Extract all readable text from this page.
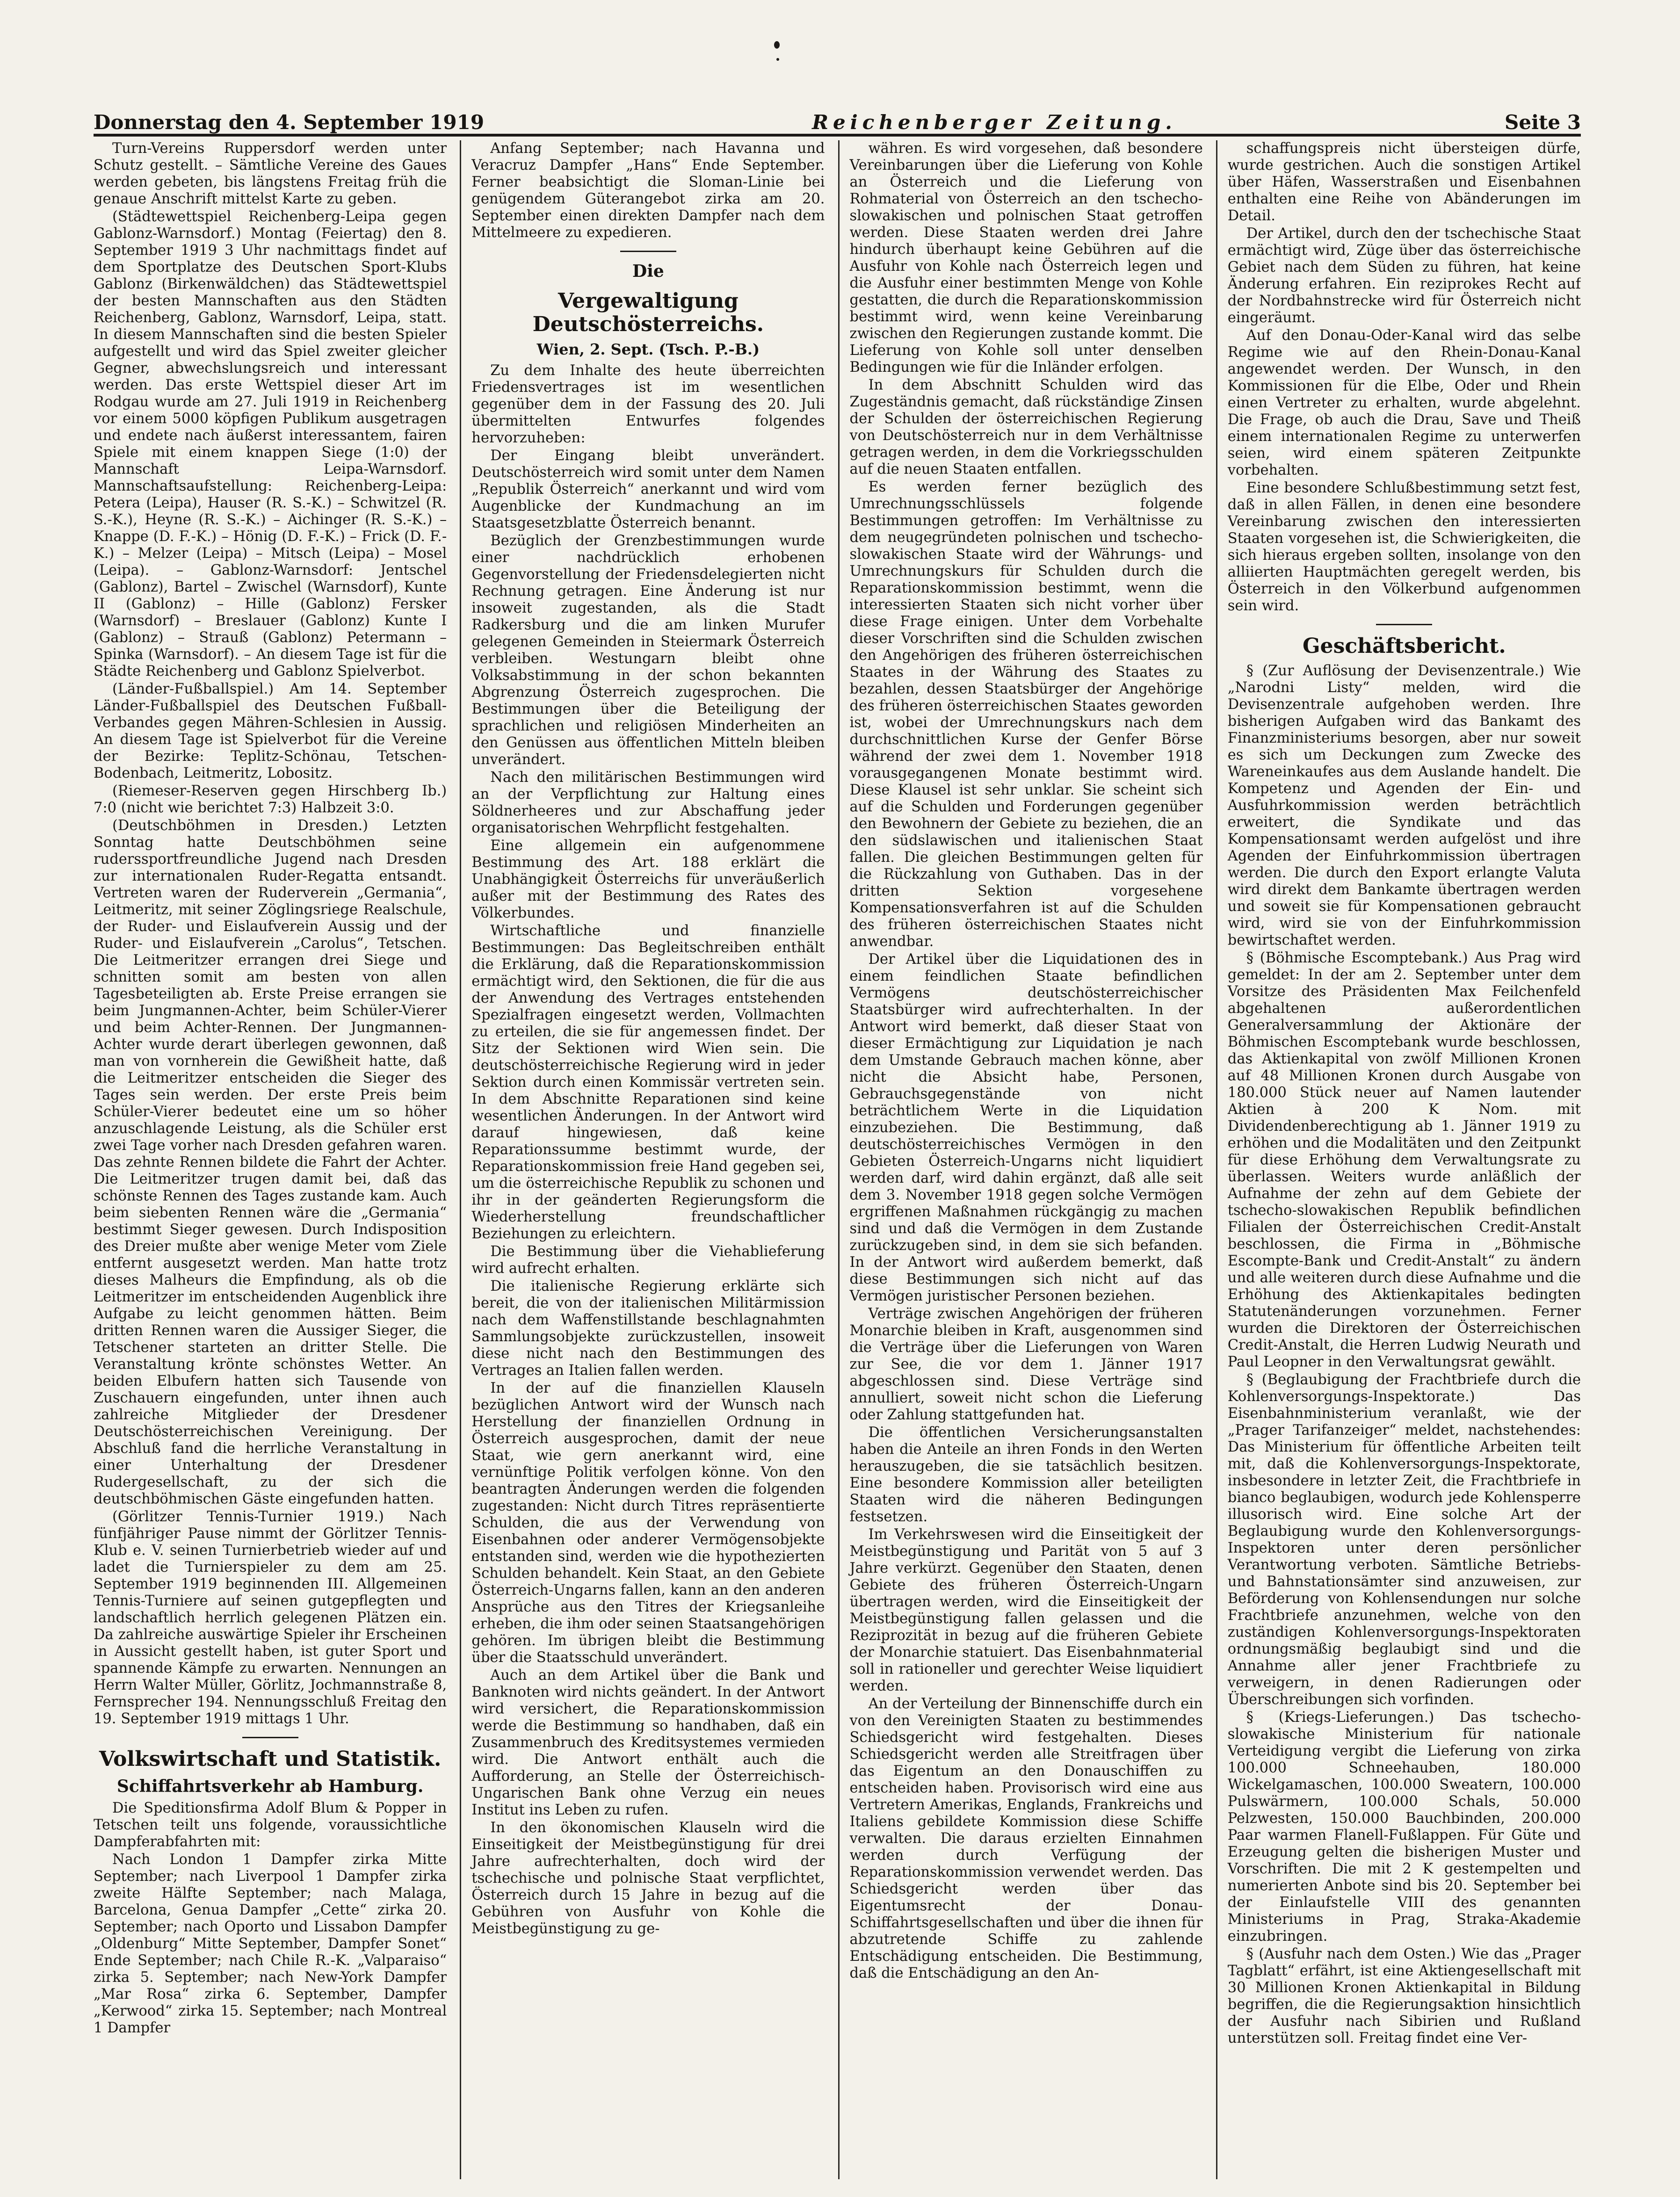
Donnerstag den 4. September 1919	Reichenberger Zeitung.	Seite 3

Turn-Vereins Ruppersdorf werden unter Schutz gestellt. – Sämtliche Vereine des Gaues werden gebeten, bis längstens Freitag früh die genaue Anschrift mittelst Karte zu geben.

(Städtewettspiel Reichenberg-Leipa gegen Gablonz-Warnsdorf.) Montag (Feiertag) den 8. September 1919 3 Uhr nachmittags findet auf dem Sportplatze des Deutschen Sport-Klubs Gablonz (Birkenwäldchen) das Städtewettspiel der besten Mannschaften aus den Städten Reichenberg, Gablonz, Warnsdorf, Leipa, statt. In diesem Mannschaften sind die besten Spieler aufgestellt und wird das Spiel zweiter gleicher Gegner, abwechslungsreich und interessant werden. Das erste Wettspiel dieser Art im Rodgau wurde am 27. Juli 1919 in Reichenberg vor einem 5000 köpfigen Publikum ausgetragen und endete nach äußerst interessantem, fairen Spiele mit einem knappen Siege (1:0) der Mannschaft Leipa-Warnsdorf. Mannschaftsaufstellung: Reichenberg-Leipa: Petera (Leipa), Hauser (R. S.-K.) – Schwitzel (R. S.-K.), Heyne (R. S.-K.) – Aichinger (R. S.-K.) – Knappe (D. F.-K.) – Hönig (D. F.-K.) – Frick (D. F.-K.) – Melzer (Leipa) – Mitsch (Leipa) – Mosel (Leipa). – Gablonz-Warnsdorf: Jentschel (Gablonz), Bartel – Zwischel (Warnsdorf), Kunte II (Gablonz) – Hille (Gablonz) Fersker (Warnsdorf) – Breslauer (Gablonz) Kunte I (Gablonz) – Strauß (Gablonz) Petermann – Spinka (Warnsdorf). – An diesem Tage ist für die Städte Reichenberg und Gablonz Spielverbot.

(Länder-Fußballspiel.) Am 14. September Länder-Fußballspiel des Deutschen Fußball-Verbandes gegen Mähren-Schlesien in Aussig. An diesem Tage ist Spielverbot für die Vereine der Bezirke: Teplitz-Schönau, Tetschen-Bodenbach, Leitmeritz, Lobositz.

(Riemeser-Reserven gegen Hirschberg Ib.) 7:0 (nicht wie berichtet 7:3) Halbzeit 3:0.

(Deutschböhmen in Dresden.) Letzten Sonntag hatte Deutschböhmen seine ruderssportfreundliche Jugend nach Dresden zur internationalen Ruder-Regatta entsandt. Vertreten waren der Ruderverein „Germania“, Leitmeritz, mit seiner Zöglingsriege Realschule, der Ruder- und Eislaufverein Aussig und der Ruder- und Eislaufverein „Carolus“, Tetschen. Die Leitmeritzer errangen drei Siege und schnitten somit am besten von allen Tagesbeteiligten ab. Erste Preise errangen sie beim Jungmannen-Achter, beim Schüler-Vierer und beim Achter-Rennen. Der Jungmannen-Achter wurde derart überlegen gewonnen, daß man von vornherein die Gewißheit hatte, daß die Leitmeritzer entscheiden die Sieger des Tages sein werden. Der erste Preis beim Schüler-Vierer bedeutet eine um so höher anzuschlagende Leistung, als die Schüler erst zwei Tage vorher nach Dresden gefahren waren. Das zehnte Rennen bildete die Fahrt der Achter. Die Leitmeritzer trugen damit bei, daß das schönste Rennen des Tages zustande kam. Auch beim siebenten Rennen wäre die „Germania“ bestimmt Sieger gewesen. Durch Indisposition des Dreier mußte aber wenige Meter vom Ziele entfernt ausgesetzt werden. Man hatte trotz dieses Malheurs die Empfindung, als ob die Leitmeritzer im entscheidenden Augenblick ihre Aufgabe zu leicht genommen hätten. Beim dritten Rennen waren die Aussiger Sieger, die Tetschener starteten an dritter Stelle. Die Veranstaltung krönte schönstes Wetter. An beiden Elbufern hatten sich Tausende von Zuschauern eingefunden, unter ihnen auch zahlreiche Mitglieder der Dresdener Deutschösterreichischen Vereinigung. Der Abschluß fand die herrliche Veranstaltung in einer Unterhaltung der Dresdener Rudergesellschaft, zu der sich die deutschböhmischen Gäste eingefunden hatten.

(Görlitzer Tennis-Turnier 1919.) Nach fünfjähriger Pause nimmt der Görlitzer Tennis-Klub e. V. seinen Turnierbetrieb wieder auf und ladet die Turnierspieler zu dem am 25. September 1919 beginnenden III. Allgemeinen Tennis-Turniere auf seinen gutgepflegten und landschaftlich herrlich gelegenen Plätzen ein. Da zahlreiche auswärtige Spieler ihr Erscheinen in Aussicht gestellt haben, ist guter Sport und spannende Kämpfe zu erwarten. Nennungen an Herrn Walter Müller, Görlitz, Jochmannstraße 8, Fernsprecher 194. Nennungsschluß Freitag den 19. September 1919 mittags 1 Uhr.

Volkswirtschaft und Statistik.
Schiffahrtsverkehr ab Hamburg.

Die Speditionsfirma Adolf Blum & Popper in Tetschen teilt uns folgende, voraussichtliche Dampferabfahrten mit:

Nach London 1 Dampfer zirka Mitte September; nach Liverpool 1 Dampfer zirka zweite Hälfte September; nach Malaga, Barcelona, Genua Dampfer „Cette“ zirka 20. September; nach Oporto und Lissabon Dampfer „Oldenburg“ Mitte September, Dampfer Sonet“ Ende September; nach Chile R.-K. „Valparaiso“ zirka 5. September; nach New-York Dampfer „Mar Rosa“ zirka 6. September, Dampfer „Kerwood“ zirka 15. September; nach Montreal 1 Dampfer

Anfang September; nach Havanna und Veracruz Dampfer „Hans“ Ende September. Ferner beabsichtigt die Sloman-Linie bei genügendem Güterangebot zirka am 20. September einen direkten Dampfer nach dem Mittelmeere zu expedieren.

Die
Vergewaltigung Deutschösterreichs.
Wien, 2. Sept. (Tsch. P.-B.)

Zu dem Inhalte des heute überreichten Friedensvertrages ist im wesentlichen gegenüber dem in der Fassung des 20. Juli übermittelten Entwurfes folgendes hervorzuheben:

Der Eingang bleibt unverändert. Deutschösterreich wird somit unter dem Namen „Republik Österreich“ anerkannt und wird vom Augenblicke der Kundmachung an im Staatsgesetzblatte Österreich benannt.

Bezüglich der Grenzbestimmungen wurde einer nachdrücklich erhobenen Gegenvorstellung der Friedensdelegierten nicht Rechnung getragen. Eine Änderung ist nur insoweit zugestanden, als die Stadt Radkersburg und die am linken Murufer gelegenen Gemeinden in Steiermark Österreich verbleiben. Westungarn bleibt ohne Volksabstimmung in der schon bekannten Abgrenzung Österreich zugesprochen. Die Bestimmungen über die Beteiligung der sprachlichen und religiösen Minderheiten an den Genüssen aus öffentlichen Mitteln bleiben unverändert.

Nach den militärischen Bestimmungen wird an der Verpflichtung zur Haltung eines Söldnerheeres und zur Abschaffung jeder organisatorischen Wehrpflicht festgehalten.

Eine allgemein ein aufgenommene Bestimmung des Art. 188 erklärt die Unabhängigkeit Österreichs für unveräußerlich außer mit der Bestimmung des Rates des Völkerbundes.

Wirtschaftliche und finanzielle Bestimmungen: Das Begleitschreiben enthält die Erklärung, daß die Reparationskommission ermächtigt wird, den Sektionen, die für die aus der Anwendung des Vertrages entstehenden Spezialfragen eingesetzt werden, Vollmachten zu erteilen, die sie für angemessen findet. Der Sitz der Sektionen wird Wien sein. Die deutschösterreichische Regierung wird in jeder Sektion durch einen Kommissär vertreten sein. In dem Abschnitte Reparationen sind keine wesentlichen Änderungen. In der Antwort wird darauf hingewiesen, daß keine Reparationssumme bestimmt wurde, der Reparationskommission freie Hand gegeben sei, um die österreichische Republik zu schonen und ihr in der geänderten Regierungsform die Wiederherstellung freundschaftlicher Beziehungen zu erleichtern.

Die Bestimmung über die Viehablieferung wird aufrecht erhalten.

Die italienische Regierung erklärte sich bereit, die von der italienischen Militärmission nach dem Waffenstillstande beschlagnahmten Sammlungsobjekte zurückzustellen, insoweit diese nicht nach den Bestimmungen des Vertrages an Italien fallen werden.

In der auf die finanziellen Klauseln bezüglichen Antwort wird der Wunsch nach Herstellung der finanziellen Ordnung in Österreich ausgesprochen, damit der neue Staat, wie gern anerkannt wird, eine vernünftige Politik verfolgen könne. Von den beantragten Änderungen werden die folgenden zugestanden: Nicht durch Titres repräsentierte Schulden, die aus der Verwendung von Eisenbahnen oder anderer Vermögensobjekte entstanden sind, werden wie die hypothezierten Schulden behandelt. Kein Staat, an den Gebiete Österreich-Ungarns fallen, kann an den anderen Ansprüche aus den Titres der Kriegsanleihe erheben, die ihm oder seinen Staatsangehörigen gehören. Im übrigen bleibt die Bestimmung über die Staatsschuld unverändert.

Auch an dem Artikel über die Bank und Banknoten wird nichts geändert. In der Antwort wird versichert, die Reparationskommission werde die Bestimmung so handhaben, daß ein Zusammenbruch des Kreditsystemes vermieden wird. Die Antwort enthält auch die Aufforderung, an Stelle der Österreichisch-Ungarischen Bank ohne Verzug ein neues Institut ins Leben zu rufen.

In den ökonomischen Klauseln wird die Einseitigkeit der Meistbegünstigung für drei Jahre aufrechterhalten, doch wird der tschechische und polnische Staat verpflichtet, Österreich durch 15 Jahre in bezug auf die Gebühren von Ausfuhr von Kohle die Meistbegünstigung zu ge-

währen. Es wird vorgesehen, daß besondere Vereinbarungen über die Lieferung von Kohle an Österreich und die Lieferung von Rohmaterial von Österreich an den tschecho-slowakischen und polnischen Staat getroffen werden. Diese Staaten werden drei Jahre hindurch überhaupt keine Gebühren auf die Ausfuhr von Kohle nach Österreich legen und die Ausfuhr einer bestimmten Menge von Kohle gestatten, die durch die Reparationskommission bestimmt wird, wenn keine Vereinbarung zwischen den Regierungen zustande kommt. Die Lieferung von Kohle soll unter denselben Bedingungen wie für die Inländer erfolgen.

In dem Abschnitt Schulden wird das Zugeständnis gemacht, daß rückständige Zinsen der Schulden der österreichischen Regierung von Deutschösterreich nur in dem Verhältnisse getragen werden, in dem die Vorkriegsschulden auf die neuen Staaten entfallen.

Es werden ferner bezüglich des Umrechnungsschlüssels folgende Bestimmungen getroffen: Im Verhältnisse zu dem neugegründeten polnischen und tschecho-slowakischen Staate wird der Währungs- und Umrechnungskurs für Schulden durch die Reparationskommission bestimmt, wenn die interessierten Staaten sich nicht vorher über diese Frage einigen. Unter dem Vorbehalte dieser Vorschriften sind die Schulden zwischen den Angehörigen des früheren österreichischen Staates in der Währung des Staates zu bezahlen, dessen Staatsbürger der Angehörige des früheren österreichischen Staates geworden ist, wobei der Umrechnungskurs nach dem durchschnittlichen Kurse der Genfer Börse während der zwei dem 1. November 1918 vorausgegangenen Monate bestimmt wird. Diese Klausel ist sehr unklar. Sie scheint sich auf die Schulden und Forderungen gegenüber den Bewohnern der Gebiete zu beziehen, die an den südslawischen und italienischen Staat fallen. Die gleichen Bestimmungen gelten für die Rückzahlung von Guthaben. Das in der dritten Sektion vorgesehene Kompensationsverfahren ist auf die Schulden des früheren österreichischen Staates nicht anwendbar.

Der Artikel über die Liquidationen des in einem feindlichen Staate befindlichen Vermögens deutschösterreichischer Staatsbürger wird aufrechterhalten. In der Antwort wird bemerkt, daß dieser Staat von dieser Ermächtigung zur Liquidation je nach dem Umstande Gebrauch machen könne, aber nicht die Absicht habe, Personen, Gebrauchsgegenstände von nicht beträchtlichem Werte in die Liquidation einzubeziehen. Die Bestimmung, daß deutschösterreichisches Vermögen in den Gebieten Österreich-Ungarns nicht liquidiert werden darf, wird dahin ergänzt, daß alle seit dem 3. November 1918 gegen solche Vermögen ergriffenen Maßnahmen rückgängig zu machen sind und daß die Vermögen in dem Zustande zurückzugeben sind, in dem sie sich befanden. In der Antwort wird außerdem bemerkt, daß diese Bestimmungen sich nicht auf das Vermögen juristischer Personen beziehen.

Verträge zwischen Angehörigen der früheren Monarchie bleiben in Kraft, ausgenommen sind die Verträge über die Lieferungen von Waren zur See, die vor dem 1. Jänner 1917 abgeschlossen sind. Diese Verträge sind annulliert, soweit nicht schon die Lieferung oder Zahlung stattgefunden hat.

Die öffentlichen Versicherungsanstalten haben die Anteile an ihren Fonds in den Werten herauszugeben, die sie tatsächlich besitzen. Eine besondere Kommission aller beteiligten Staaten wird die näheren Bedingungen festsetzen.

Im Verkehrswesen wird die Einseitigkeit der Meistbegünstigung und Parität von 5 auf 3 Jahre verkürzt. Gegenüber den Staaten, denen Gebiete des früheren Österreich-Ungarn übertragen werden, wird die Einseitigkeit der Meistbegünstigung fallen gelassen und die Reziprozität in bezug auf die früheren Gebiete der Monarchie statuiert. Das Eisenbahnmaterial soll in rationeller und gerechter Weise liquidiert werden.

An der Verteilung der Binnenschiffe durch ein von den Vereinigten Staaten zu bestimmendes Schiedsgericht wird festgehalten. Dieses Schiedsgericht werden alle Streitfragen über das Eigentum an den Donauschiffen zu entscheiden haben. Provisorisch wird eine aus Vertretern Amerikas, Englands, Frankreichs und Italiens gebildete Kommission diese Schiffe verwalten. Die daraus erzielten Einnahmen werden durch Verfügung der Reparationskommission verwendet werden. Das Schiedsgericht werden über das Eigentumsrecht der Donau-Schiffahrtsgesellschaften und über die ihnen für abzutretende Schiffe zu zahlende Entschädigung entscheiden. Die Bestimmung, daß die Entschädigung an den An-

schaffungspreis nicht übersteigen dürfe, wurde gestrichen. Auch die sonstigen Artikel über Häfen, Wasserstraßen und Eisenbahnen enthalten eine Reihe von Abänderungen im Detail.

Der Artikel, durch den der tschechische Staat ermächtigt wird, Züge über das österreichische Gebiet nach dem Süden zu führen, hat keine Änderung erfahren. Ein reziprokes Recht auf der Nordbahnstrecke wird für Österreich nicht eingeräumt.

Auf den Donau-Oder-Kanal wird das selbe Regime wie auf den Rhein-Donau-Kanal angewendet werden. Der Wunsch, in den Kommissionen für die Elbe, Oder und Rhein einen Vertreter zu erhalten, wurde abgelehnt. Die Frage, ob auch die Drau, Save und Theiß einem internationalen Regime zu unterwerfen seien, wird einem späteren Zeitpunkte vorbehalten.

Eine besondere Schlußbestimmung setzt fest, daß in allen Fällen, in denen eine besondere Vereinbarung zwischen den interessierten Staaten vorgesehen ist, die Schwierigkeiten, die sich hieraus ergeben sollten, insolange von den alliierten Hauptmächten geregelt werden, bis Österreich in den Völkerbund aufgenommen sein wird.

Geschäftsbericht.

§ (Zur Auflösung der Devisenzentrale.) Wie „Narodni Listy“ melden, wird die Devisenzentrale aufgehoben werden. Ihre bisherigen Aufgaben wird das Bankamt des Finanzministeriums besorgen, aber nur soweit es sich um Deckungen zum Zwecke des Wareneinkaufes aus dem Auslande handelt. Die Kompetenz und Agenden der Ein- und Ausfuhrkommission werden beträchtlich erweitert, die Syndikate und das Kompensationsamt werden aufgelöst und ihre Agenden der Einfuhrkommission übertragen werden. Die durch den Export erlangte Valuta wird direkt dem Bankamte übertragen werden und soweit sie für Kompensationen gebraucht wird, wird sie von der Einfuhrkommission bewirtschaftet werden.

§ (Böhmische Escomptebank.) Aus Prag wird gemeldet: In der am 2. September unter dem Vorsitze des Präsidenten Max Feilchenfeld abgehaltenen außerordentlichen Generalversammlung der Aktionäre der Böhmischen Escomptebank wurde beschlossen, das Aktienkapital von zwölf Millionen Kronen auf 48 Millionen Kronen durch Ausgabe von 180.000 Stück neuer auf Namen lautender Aktien à 200 K Nom. mit Dividendenberechtigung ab 1. Jänner 1919 zu erhöhen und die Modalitäten und den Zeitpunkt für diese Erhöhung dem Verwaltungsrate zu überlassen. Weiters wurde anläßlich der Aufnahme der zehn auf dem Gebiete der tschecho-slowakischen Republik befindlichen Filialen der Österreichischen Credit-Anstalt beschlossen, die Firma in „Böhmische Escompte-Bank und Credit-Anstalt“ zu ändern und alle weiteren durch diese Aufnahme und die Erhöhung des Aktienkapitales bedingten Statutenänderungen vorzunehmen. Ferner wurden die Direktoren der Österreichischen Credit-Anstalt, die Herren Ludwig Neurath und Paul Leopner in den Verwaltungsrat gewählt.

§ (Beglaubigung der Frachtbriefe durch die Kohlenversorgungs-Inspektorate.) Das Eisenbahnministerium veranlaßt, wie der „Prager Tarifanzeiger“ meldet, nachstehendes: Das Ministerium für öffentliche Arbeiten teilt mit, daß die Kohlenversorgungs-Inspektorate, insbesondere in letzter Zeit, die Frachtbriefe in bianco beglaubigen, wodurch jede Kohlensperre illusorisch wird. Eine solche Art der Beglaubigung wurde den Kohlenversorgungs-Inspektoren unter deren persönlicher Verantwortung verboten. Sämtliche Betriebs- und Bahnstationsämter sind anzuweisen, zur Beförderung von Kohlensendungen nur solche Frachtbriefe anzunehmen, welche von den zuständigen Kohlenversorgungs-Inspektoraten ordnungsmäßig beglaubigt sind und die Annahme aller jener Frachtbriefe zu verweigern, in denen Radierungen oder Überschreibungen sich vorfinden.

§ (Kriegs-Lieferungen.) Das tschecho-slowakische Ministerium für nationale Verteidigung vergibt die Lieferung von zirka 100.000 Schneehauben, 180.000 Wickelgamaschen, 100.000 Sweatern, 100.000 Pulswärmern, 100.000 Schals, 50.000 Pelzwesten, 150.000 Bauchbinden, 200.000 Paar warmen Flanell-Fußlappen. Für Güte und Erzeugung gelten die bisherigen Muster und Vorschriften. Die mit 2 K gestempelten und numerierten Anbote sind bis 20. September bei der Einlaufstelle VIII des genannten Ministeriums in Prag, Straka-Akademie einzubringen.

§ (Ausfuhr nach dem Osten.) Wie das „Prager Tagblatt“ erfährt, ist eine Aktiengesellschaft mit 30 Millionen Kronen Aktienkapital in Bildung begriffen, die die Regierungsaktion hinsichtlich der Ausfuhr nach Sibirien und Rußland unterstützen soll. Freitag findet eine Ver-
